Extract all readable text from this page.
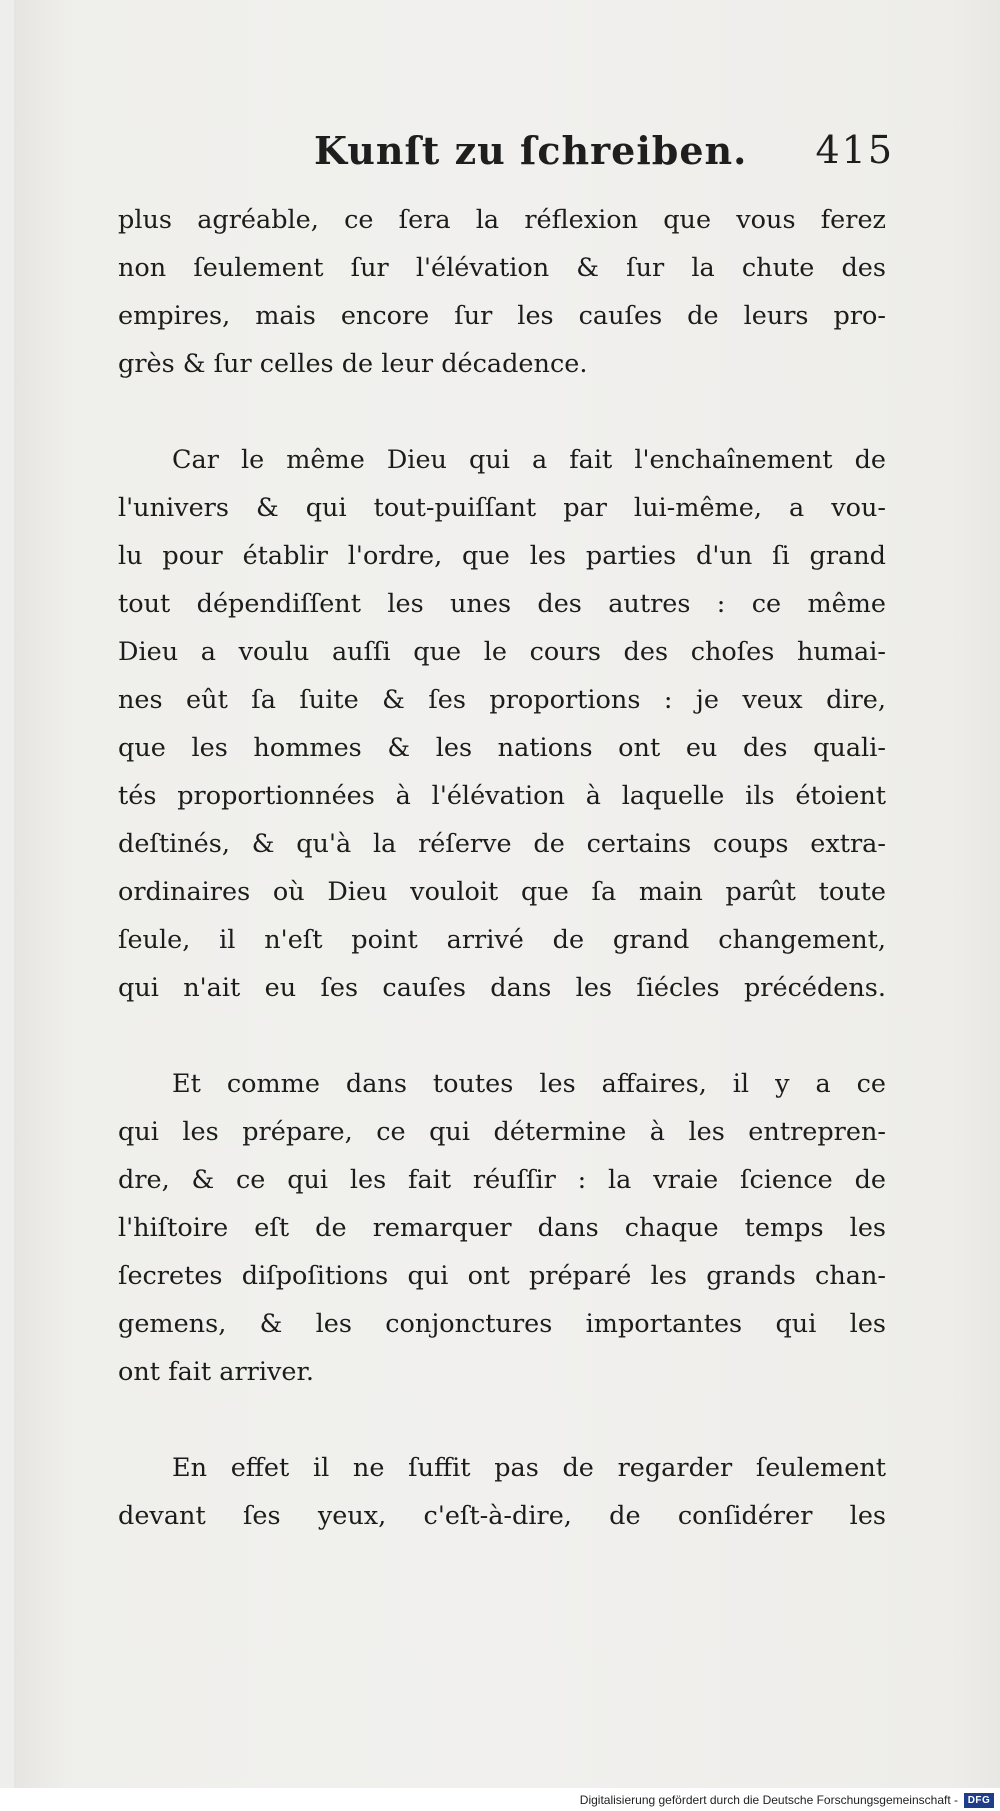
Kunſt zu ſchreiben. 415
plus agréable, ce ſera la réflexion que vous ferez
non ſeulement ſur l'élévation & ſur la chute des
empires, mais encore ſur les cauſes de leurs pro-
grès & ſur celles de leur décadence.
Car le même Dieu qui a fait l'enchaînement de
l'univers & qui tout-puiſſant par lui-même, a vou-
lu pour établir l'ordre, que les parties d'un ſi grand
tout dépendiſſent les unes des autres : ce même
Dieu a voulu auſſi que le cours des choſes humai-
nes eût ſa ſuite & ſes proportions : je veux dire,
que les hommes & les nations ont eu des quali-
tés proportionnées à l'élévation à laquelle ils étoient
deſtinés, & qu'à la réſerve de certains coups extra-
ordinaires où Dieu vouloit que ſa main parût toute
ſeule, il n'eſt point arrivé de grand changement,
qui n'ait eu ſes cauſes dans les ſiécles précédens.
Et comme dans toutes les affaires, il y a ce
qui les prépare, ce qui détermine à les entrepren-
dre, & ce qui les fait réuſſir : la vraie ſcience de
l'hiſtoire eſt de remarquer dans chaque temps les
ſecretes diſpoſitions qui ont préparé les grands chan-
gemens, & les conjonctures importantes qui les
ont fait arriver.
En effet il ne ſuffit pas de regarder ſeulement
devant ſes yeux, c'eſt-à-dire, de conſidérer les
Digitalisierung gefördert durch die Deutsche Forschungsgemeinschaft - DFG
